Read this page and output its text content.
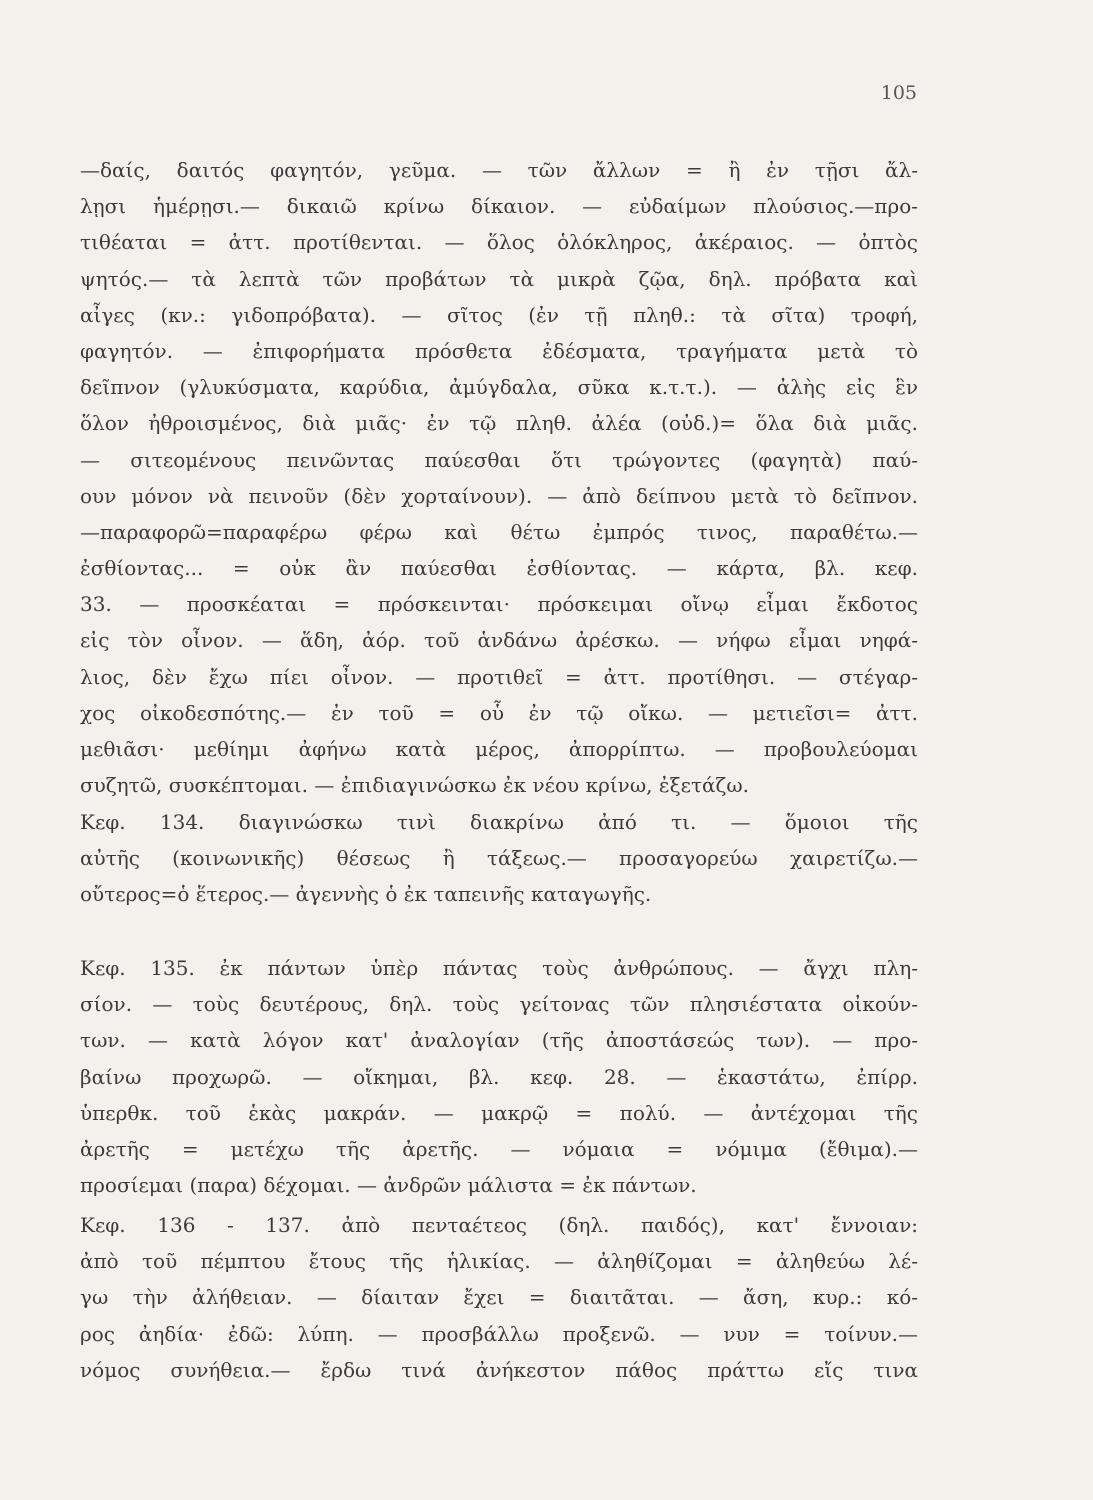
105
—δαίς, δαιτός φαγητόν, γεῦμα. — τῶν ἄλλων = ἢ ἐν τῇσι ἄλ-
λῃσι ἡμέρῃσι.— δικαιῶ κρίνω δίκαιον. — εὐδαίμων πλούσιος.—προ-
τιθέαται = ἀττ. προτίθενται. — ὅλος ὁλόκληρος, ἀκέραιος. — ὀπτὸς
ψητός.— τὰ λεπτὰ τῶν προβάτων τὰ μικρὰ ζῷα, δηλ. πρόβατα καὶ
αἶγες (κν.: γιδοπρόβατα). — σῖτος (ἐν τῇ πληθ.: τὰ σῖτα) τροφή,
φαγητόν. — ἐπιφορήματα πρόσθετα ἐδέσματα, τραγήματα μετὰ τὸ
δεῖπνον (γλυκύσματα, καρύδια, ἀμύγδαλα, σῦκα κ.τ.τ.). — ἀλὴς εἰς ἓν
ὅλον ἠθροισμένος, διὰ μιᾶς· ἐν τῷ πληθ. ἀλέα (οὐδ.)= ὅλα διὰ μιᾶς.
— σιτεομένους πεινῶντας παύεσθαι ὅτι τρώγοντες (φαγητὰ) παύ-
ουν μόνον νὰ πεινοῦν (δὲν χορταίνουν). — ἀπὸ δείπνου μετὰ τὸ δεῖπνον.
—παραφορῶ=παραφέρω φέρω καὶ θέτω ἐμπρός τινος, παραθέτω.—
ἐσθίοντας... = οὐκ ἂν παύεσθαι ἐσθίοντας. — κάρτα, βλ. κεφ.
33. — προσκέαται = πρόσκεινται· πρόσκειμαι οἴνῳ εἶμαι ἔκδοτος
εἰς τὸν οἶνον. — ἅδη, ἀόρ. τοῦ ἁνδάνω ἀρέσκω. — νήφω εἶμαι νηφά-
λιος, δὲν ἔχω πίει οἶνον. — προτιθεῖ = ἀττ. προτίθησι. — στέγαρ-
χος οἰκοδεσπότης.— ἐν τοῦ = οὗ ἐν τῷ οἴκω. — μετιεῖσι= ἀττ.
μεθιᾶσι· μεθίημι ἀφήνω κατὰ μέρος, ἀπορρίπτω. — προβουλεύομαι
συζητῶ, συσκέπτομαι. — ἐπιδιαγινώσκω ἐκ νέου κρίνω, ἐξετάζω.
Κεφ. 134. διαγινώσκω τινὶ διακρίνω ἀπό τι. — ὅμοιοι τῆς
αὐτῆς (κοινωνικῆς) θέσεως ἢ τάξεως.— προσαγορεύω χαιρετίζω.—
οὔτερος=ὁ ἕτερος.— ἀγεννὴς ὁ ἐκ ταπεινῆς καταγωγῆς.
Κεφ. 135. ἐκ πάντων ὑπὲρ πάντας τοὺς ἀνθρώπους. — ἄγχι πλη-
σίον. — τοὺς δευτέρους, δηλ. τοὺς γείτονας τῶν πλησιέστατα οἰκούν-
των. — κατὰ λόγον κατ' ἀναλογίαν (τῆς ἀποστάσεώς των). — προ-
βαίνω προχωρῶ. — οἴκημαι, βλ. κεφ. 28. — ἑκαστάτω, ἐπίρρ.
ὑπερθκ. τοῦ ἑκὰς μακράν. — μακρῷ = πολύ. — ἀντέχομαι τῆς
ἀρετῆς = μετέχω τῆς ἀρετῆς. — νόμαια = νόμιμα (ἔθιμα).—
προσίεμαι (παρα) δέχομαι. — ἀνδρῶν μάλιστα = ἐκ πάντων.
Κεφ. 136 - 137. ἀπὸ πενταέτεος (δηλ. παιδός), κατ' ἔννοιαν:
ἀπὸ τοῦ πέμπτου ἔτους τῆς ἡλικίας. — ἀληθίζομαι = ἀληθεύω λέ-
γω τὴν ἀλήθειαν. — δίαιταν ἔχει = διαιτᾶται. — ἄση, κυρ.: κό-
ρος ἀηδία· ἐδῶ: λύπη. — προσβάλλω προξενῶ. — νυν = τοίνυν.—
νόμος συνήθεια.— ἔρδω τινά ἀνήκεστον πάθος πράττω εἴς τινα
